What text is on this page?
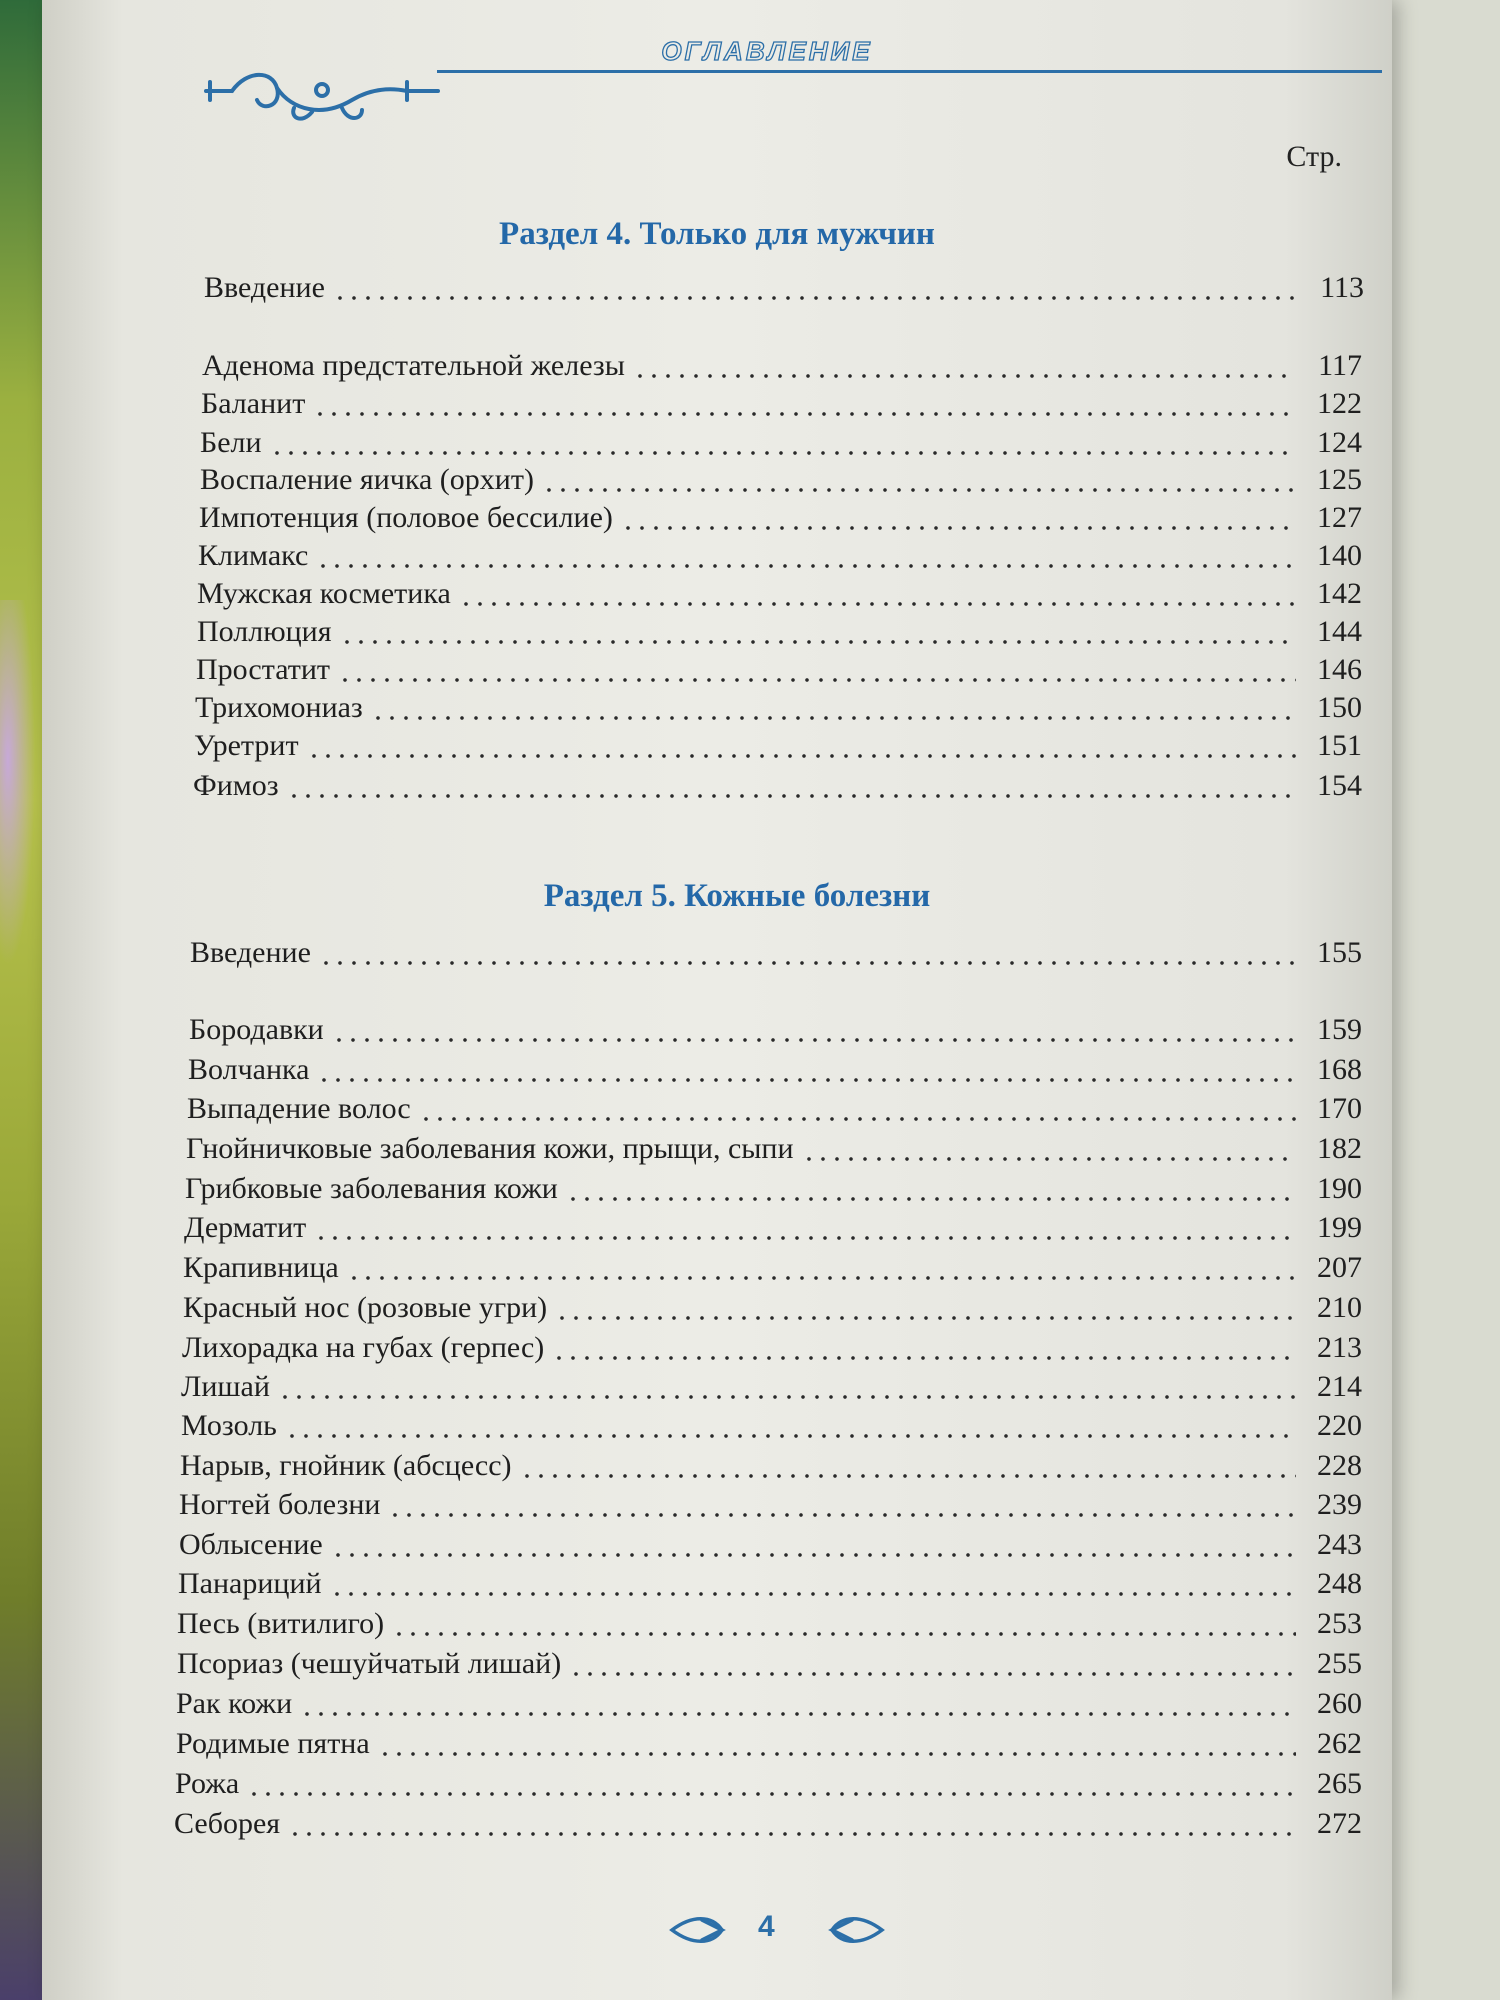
ОГЛАВЛЕНИЕ
Стр.
Раздел 4. Только для мужчин
Введение	113
Аденома предстательной железы	117
Баланит	122
Бели	124
Воспаление яичка (орхит)	125
Импотенция (половое бессилие)	127
Климакс	140
Мужская косметика	142
Поллюция	144
Простатит	146
Трихомониаз	150
Уретрит	151
Фимоз	154
Раздел 5. Кожные болезни
Введение	155
Бородавки	159
Волчанка	168
Выпадение волос	170
Гнойничковые заболевания кожи, прыщи, сыпи	182
Грибковые заболевания кожи	190
Дерматит	199
Крапивница	207
Красный нос (розовые угри)	210
Лихорадка на губах (герпес)	213
Лишай	214
Мозоль	220
Нарыв, гнойник (абсцесс)	228
Ногтей болезни	239
Облысение	243
Панариций	248
Песь (витилиго)	253
Псориаз (чешуйчатый лишай)	255
Рак кожи	260
Родимые пятна	262
Рожа	265
Себорея	272
4
